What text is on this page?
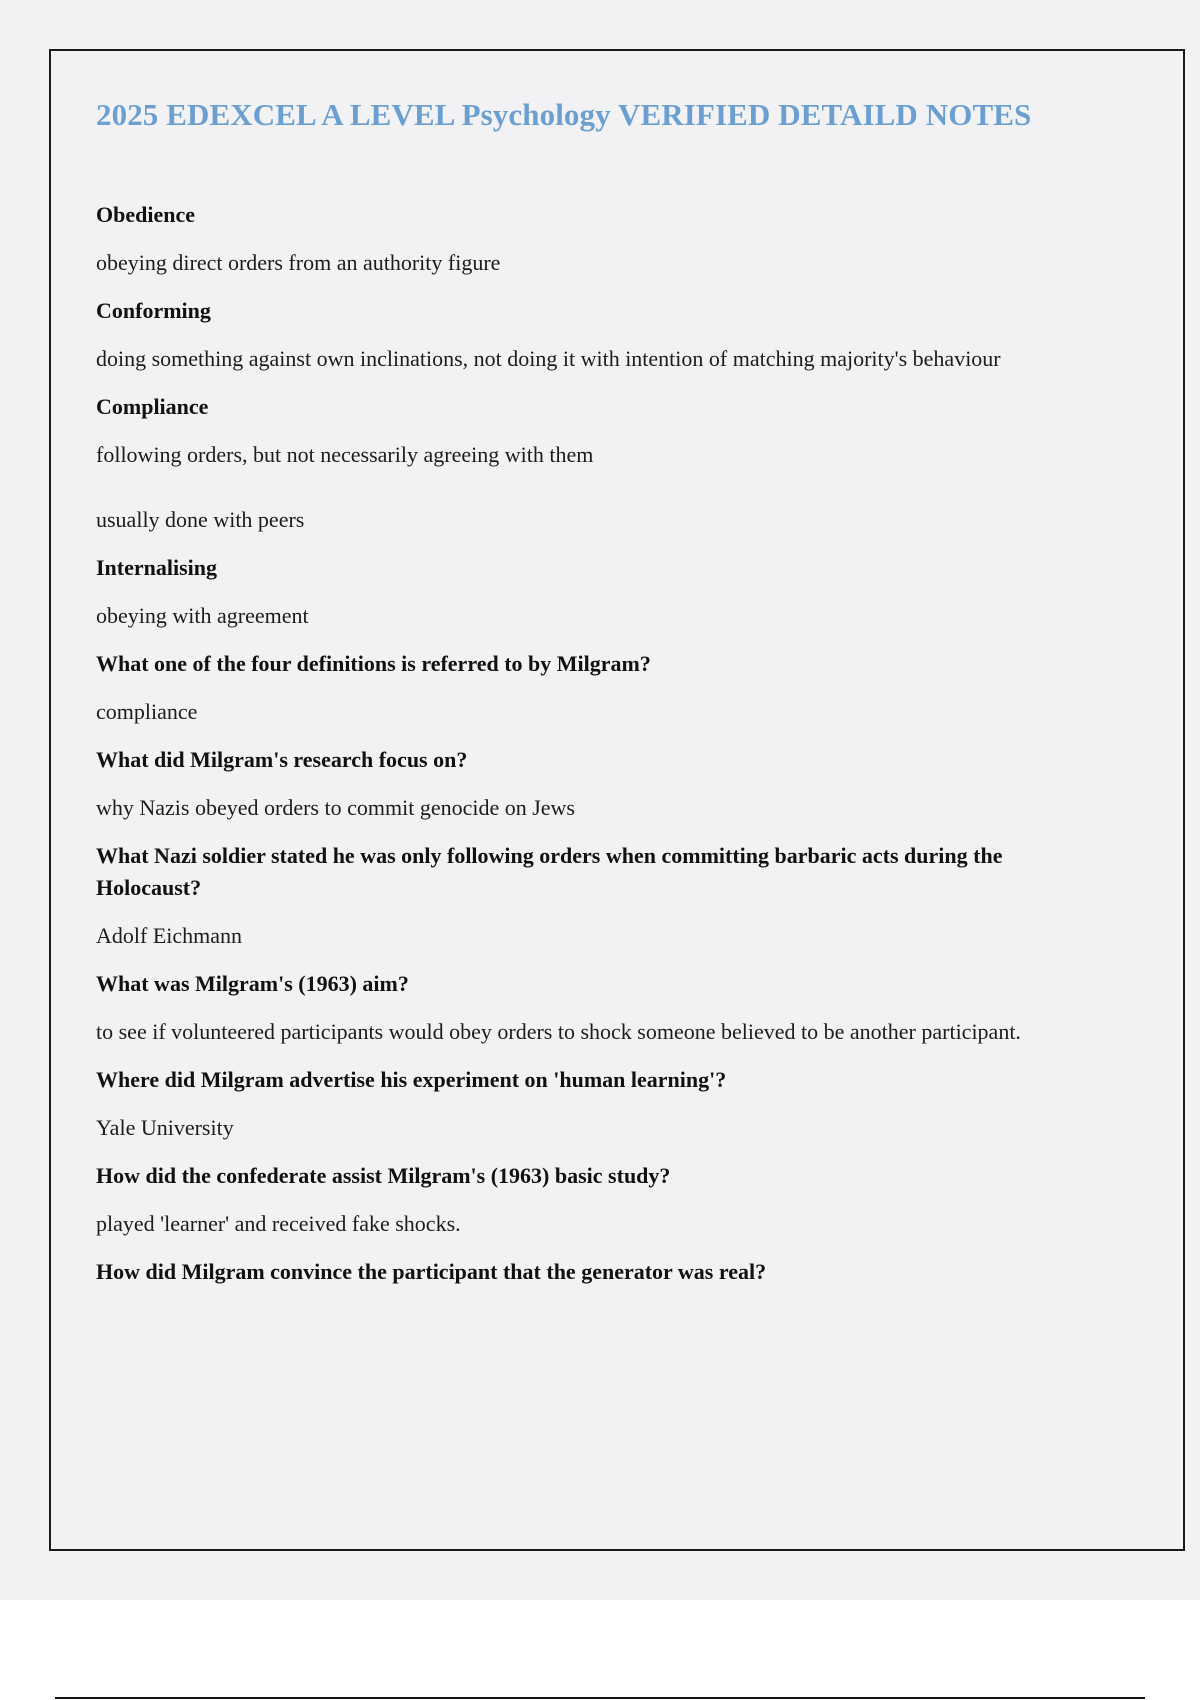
2025 EDEXCEL A LEVEL Psychology VERIFIED DETAILD NOTES

Obedience

obeying direct orders from an authority figure

Conforming

doing something against own inclinations, not doing it with intention of matching majority's behaviour

Compliance

following orders, but not necessarily agreeing with them

usually done with peers

Internalising

obeying with agreement

What one of the four definitions is referred to by Milgram?

compliance

What did Milgram's research focus on?

why Nazis obeyed orders to commit genocide on Jews

What Nazi soldier stated he was only following orders when committing barbaric acts during the Holocaust?

Adolf Eichmann

What was Milgram's (1963) aim?

to see if volunteered participants would obey orders to shock someone believed to be another participant.

Where did Milgram advertise his experiment on 'human learning'?

Yale University

How did the confederate assist Milgram's (1963) basic study?

played 'learner' and received fake shocks.

How did Milgram convince the participant that the generator was real?
